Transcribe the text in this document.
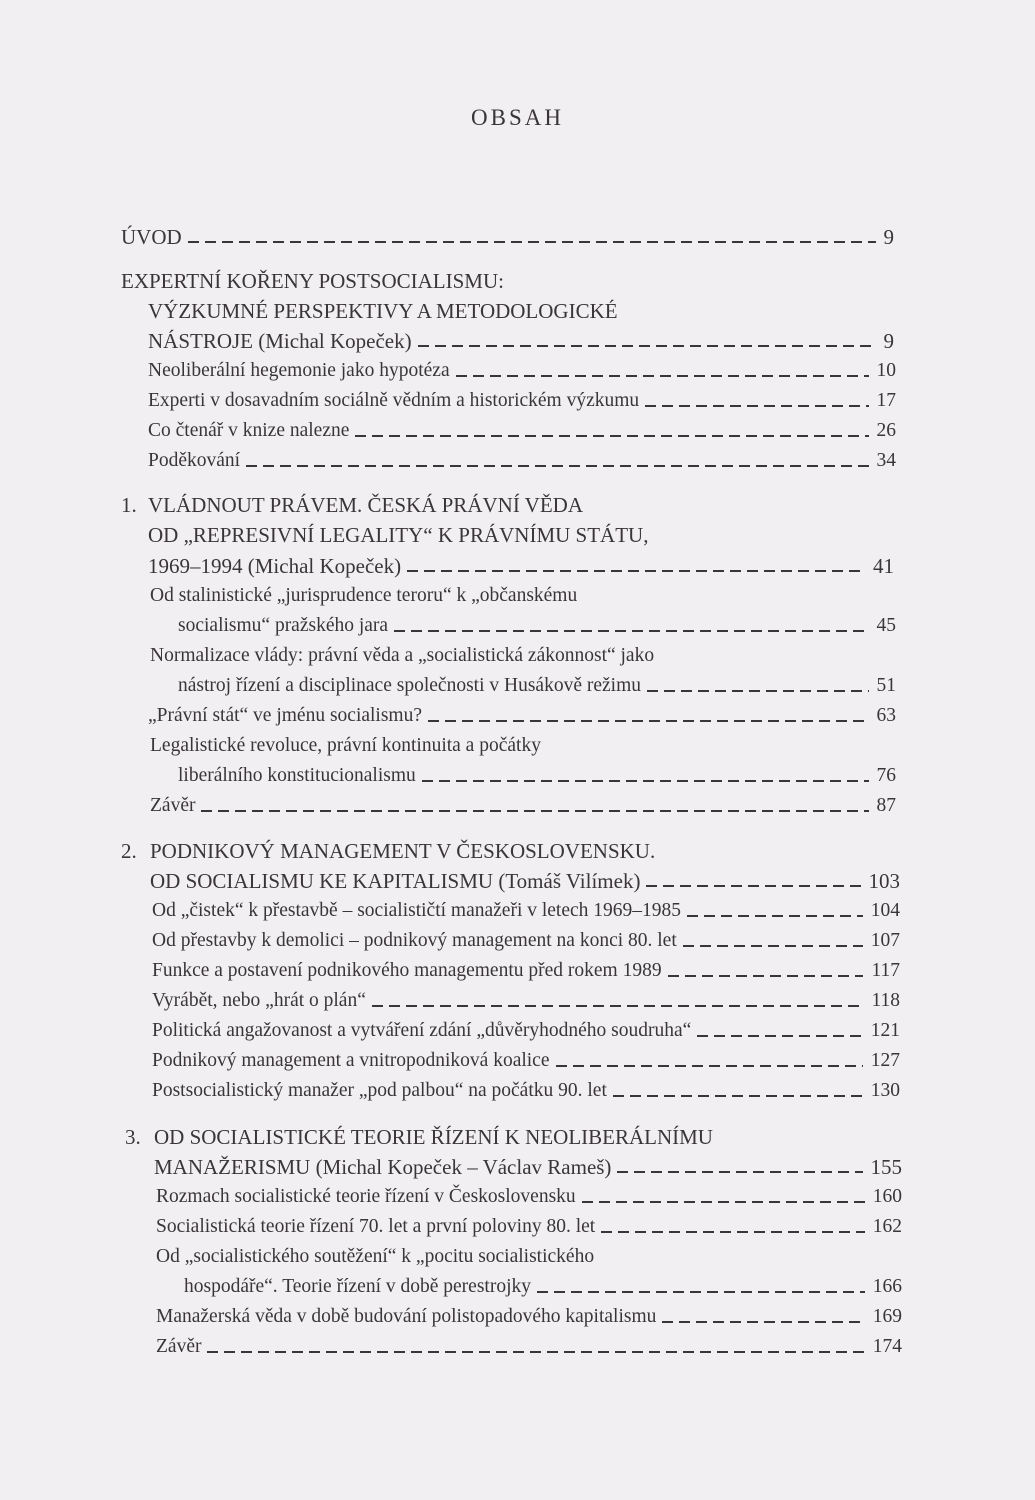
OBSAH
ÚVOD	9
EXPERTNÍ KOŘENY POSTSOCIALISMU:
VÝZKUMNÉ PERSPEKTIVY A METODOLOGICKÉ
NÁSTROJE (Michal Kopeček)	9
Neoliberální hegemonie jako hypotéza	10
Experti v dosavadním sociálně vědním a historickém výzkumu	17
Co čtenář v knize nalezne	26
Poděkování	34
1. VLÁDNOUT PRÁVEM. ČESKÁ PRÁVNÍ VĚDA
OD „REPRESIVNÍ LEGALITY“ K PRÁVNÍMU STÁTU,
1969–1994 (Michal Kopeček)	41
Od stalinistické „jurisprudence teroru“ k „občanskému
socialismu“ pražského jara	45
Normalizace vlády: právní věda a „socialistická zákonnost“ jako
nástroj řízení a disciplinace společnosti v Husákově režimu	51
„Právní stát“ ve jménu socialismu?	63
Legalistické revoluce, právní kontinuita a počátky
liberálního konstitucionalismu	76
Závěr	87
2. PODNIKOVÝ MANAGEMENT V ČESKOSLOVENSKU.
OD SOCIALISMU KE KAPITALISMU (Tomáš Vilímek)	103
Od „čistek“ k přestavbě – socialističtí manažeři v letech 1969–1985	104
Od přestavby k demolici – podnikový management na konci 80. let	107
Funkce a postavení podnikového managementu před rokem 1989	117
Vyrábět, nebo „hrát o plán“	118
Politická angažovanost a vytváření zdání „důvěryhodného soudruha“	121
Podnikový management a vnitropodniková koalice	127
Postsocialistický manažer „pod palbou“ na počátku 90. let	130
3. OD SOCIALISTICKÉ TEORIE ŘÍZENÍ K NEOLIBERÁLNÍMU
MANAŽERISMU (Michal Kopeček – Václav Rameš)	155
Rozmach socialistické teorie řízení v Československu	160
Socialistická teorie řízení 70. let a první poloviny 80. let	162
Od „socialistického soutěžení“ k „pocitu socialistického
hospodáře“. Teorie řízení v době perestrojky	166
Manažerská věda v době budování polistopadového kapitalismu	169
Závěr	174
